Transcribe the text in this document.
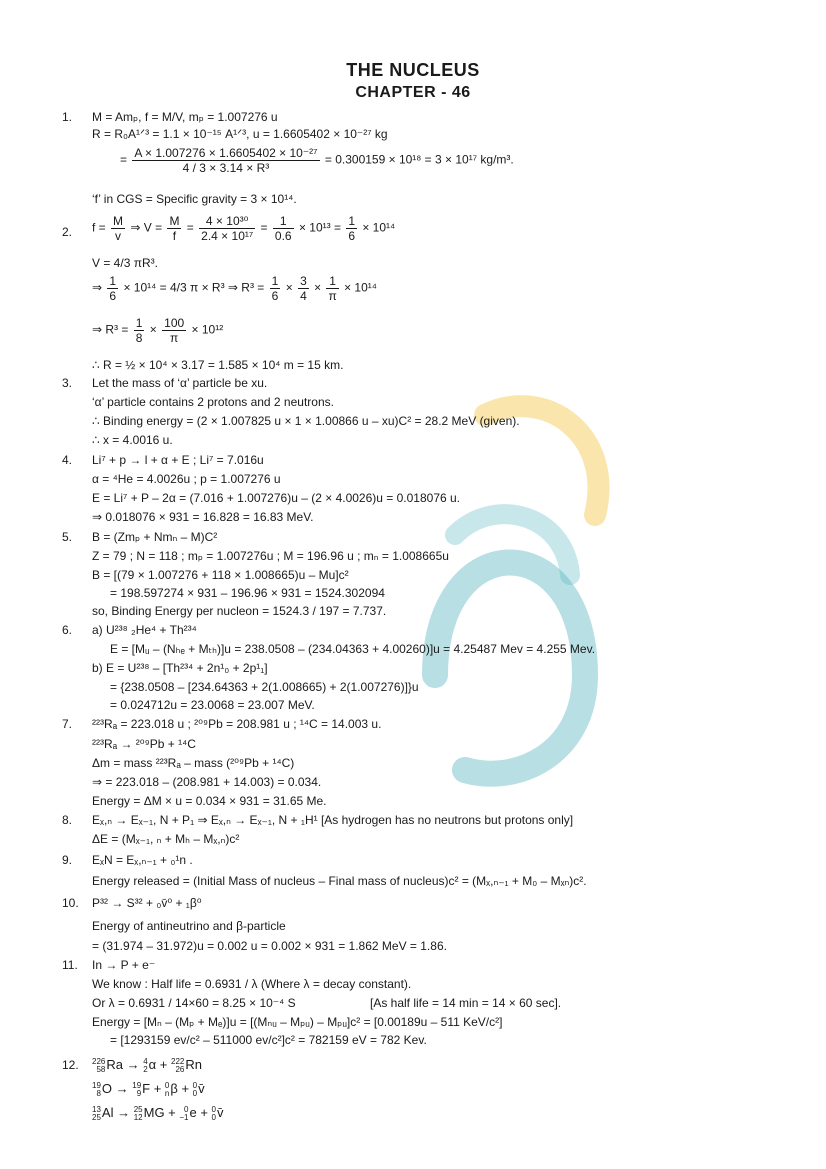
THE NUCLEUS
CHAPTER - 46
1. M = Amₚ, f = M/V, mₚ = 1.007276 u
R = R₀A¹ᐟ³ = 1.1 × 10⁻¹⁵ A¹ᐟ³, u = 1.6605402 × 10⁻²⁷ kg
= $\frac{\text{A × 1.007276 × 1.6605402 × 10⁻²⁷}}{\text{4 / 3 × 3.14 × R³}} = 0.300159 \times 10^{18} = 3 \times 10^{17}$ kg/m³.
‘f’ in CGS = Specific gravity = 3 × 10¹⁴.
2. $f = \frac{M}{v}$ ⇒ $V = \frac{M}{f} = \frac{\text{4 × 10³⁰}}{\text{2.4 × 10¹⁷}} = \frac{1}{0.6} \times 10^{13} = \frac{1}{6} \times 10^{14}$
V = 4/3 πR³.
⇒ $\frac{1}{6} \times 10^{14} = 4/3$ π × R³ ⇒ $R^3 = \frac{1}{6} \times \frac{3}{4} \times \frac{1}{\pi} \times 10^{14}$
⇒ $R^3 = \frac{1}{8} \times \frac{100}{\pi} \times 10^{12}$
∴ R = ½ × 10⁴ × 3.17 = 1.585 × 10⁴ m = 15 km.
3. Let the mass of ‘α’ particle be xu.
‘α’ particle contains 2 protons and 2 neutrons.
∴ Binding energy = (2 × 1.007825 u × 1 × 1.00866 u – xu)C² = 28.2 MeV (given).
∴ x = 4.0016 u.
4. Li⁷ + p → l + α + E ; Li⁷ = 7.016u
α = ⁴He = 4.0026u ; p = 1.007276 u
E = Li⁷ + P – 2α = (7.016 + 1.007276)u – (2 × 4.0026)u = 0.018076 u.
⇒ 0.018076 × 931 = 16.828 = 16.83 MeV.
5. B = (Zmₚ + Nmₙ – M)C²
Z = 79 ; N = 118 ; mₚ = 1.007276u ; M = 196.96 u ; mₙ = 1.008665u
B = [(79 × 1.007276 + 118 × 1.008665)u – Mu]c²
= 198.597274 × 931 – 196.96 × 931 = 1524.302094
so, Binding Energy per nucleon = 1524.3 / 197 = 7.737.
6. a) U²³⁸ ₂He⁴ + Th²³⁴
E = [Mᵤ – (Nₕₑ + Mₜₕ)]u = 238.0508 – (234.04363 + 4.00260)]u = 4.25487 Mev = 4.255 Mev.
b) E = U²³⁸ – [Th²³⁴ + 2n¹₀ + 2p¹₁]
= {238.0508 – [234.64363 + 2(1.008665) + 2(1.007276)]}u
= 0.024712u = 23.0068 = 23.007 MeV.
7. ²²³Rₐ = 223.018 u ; ²⁰⁹Pb = 208.981 u ; ¹⁴C = 14.003 u.
²²³Rₐ → ²⁰⁹Pb + ¹⁴C
Δm = mass ²²³Rₐ – mass (²⁰⁹Pb + ¹⁴C)
⇒ = 223.018 – (208.981 + 14.003) = 0.034.
Energy = ΔM × u = 0.034 × 931 = 31.65 Me.
8. Eₓ,ₙ → Eₓ₋₁, N + P₁ ⇒ Eₓ,ₙ → Eₓ₋₁, N + ₁H¹ [As hydrogen has no neutrons but protons only]
ΔE = (Mₓ₋₁, ₙ + Mₕ – Mₓ,ₙ)c²
9. EₓN = Eₓ,ₙ₋₁ + ₀¹n .
Energy released = (Initial Mass of nucleus – Final mass of nucleus)c² = (Mₓ,ₙ₋₁ + M₀ – Mₓₙ)c².
10. P³² → S³² + ₀v̄⁰ + ₁β⁰
Energy of antineutrino and β-particle
= (31.974 – 31.972)u = 0.002 u = 0.002 × 931 = 1.862 MeV = 1.86.
11. In → P + e⁻
We know : Half life = 0.6931 / λ (Where λ = decay constant).
Or λ = 0.6931 / 14×60 = 8.25 × 10⁻⁴ S	[As half life = 14 min = 14 × 60 sec].
Energy = [Mₙ – (Mₚ + Mₑ)]u = [(Mₙᵤ – Mₚᵤ) – Mₚᵤ]c² = [0.00189u – 511 KeV/c²]
= [1293159 ev/c² – 511000 ev/c²]c² = 782159 eV = 782 Kev.
12. 226
58 Ra → 4
2 α + 222
26 Rn
19
8 O → 19
9 F + 0
n β + 0
0 v̄
13
25 Al → 25
12 MG + 0
−1 e + 0
0 v̄
